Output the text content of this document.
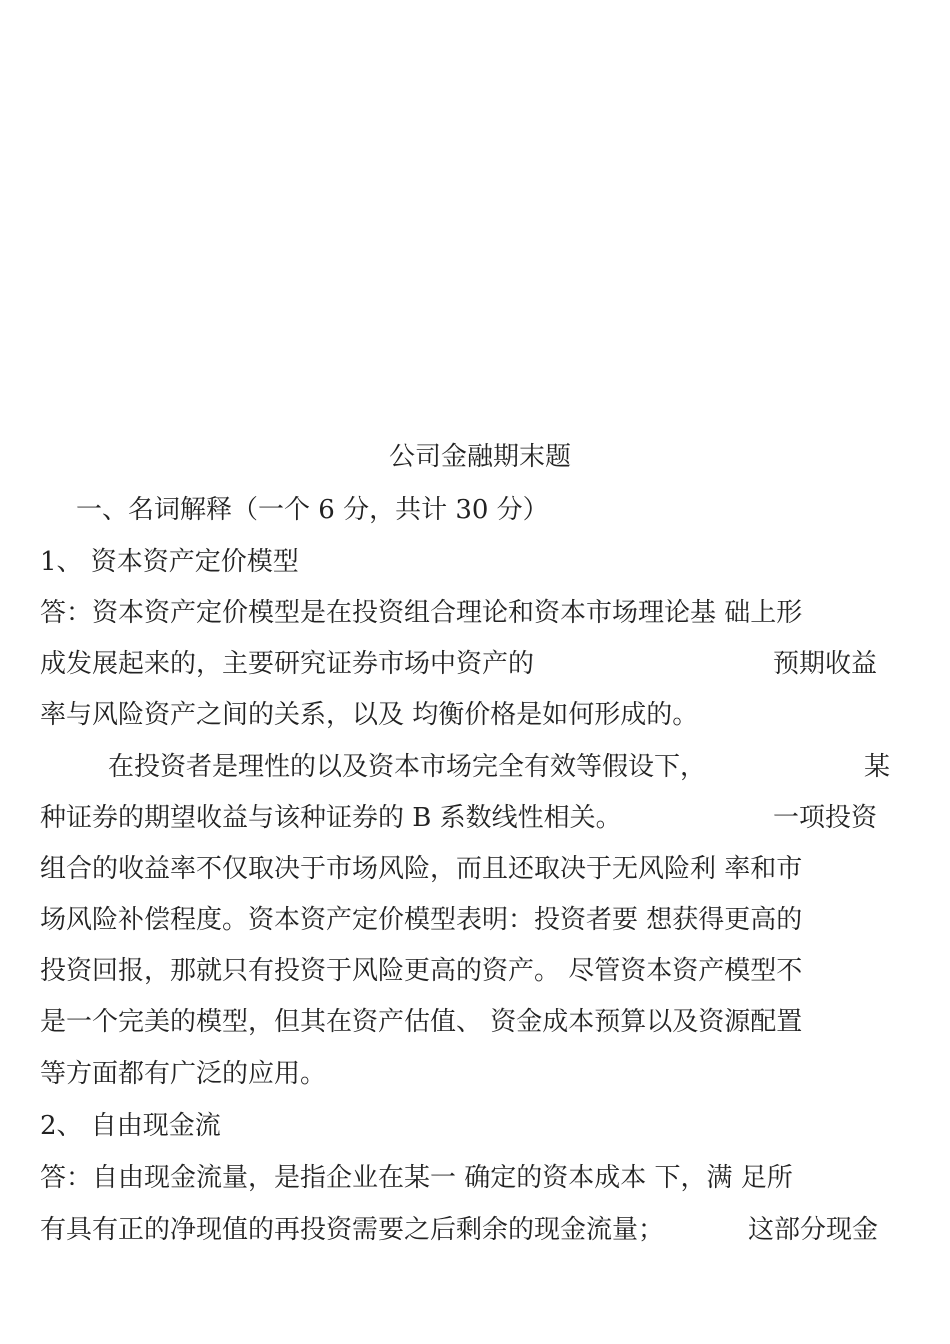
公司金融期末题
一、名词解释（一个 6 分，共计 30 分）
1、 资本资产定价模型
答：资本资产定价模型是在投资组合理论和资本市场理论基 础上形
成发展起来的，主要研究证券市场中资产的	预期收益
率与风险资产之间的关系，以及 均衡价格是如何形成的。
在投资者是理性的以及资本市场完全有效等假设下，	某
种证券的期望收益与该种证券的 B 系数线性相关。	一项投资
组合的收益率不仅取决于市场风险，而且还取决于无风险利 率和市
场风险补偿程度。资本资产定价模型表明：投资者要 想获得更高的
投资回报，那就只有投资于风险更高的资产。 尽管资本资产模型不
是一个完美的模型，但其在资产估值、 资金成本预算以及资源配置
等方面都有广泛的应用。
2、 自由现金流
答：自由现金流量，是指企业在某一 确定的资本成本 下，满 足所
有具有正的净现值的再投资需要之后剩余的现金流量；	这部分现金
